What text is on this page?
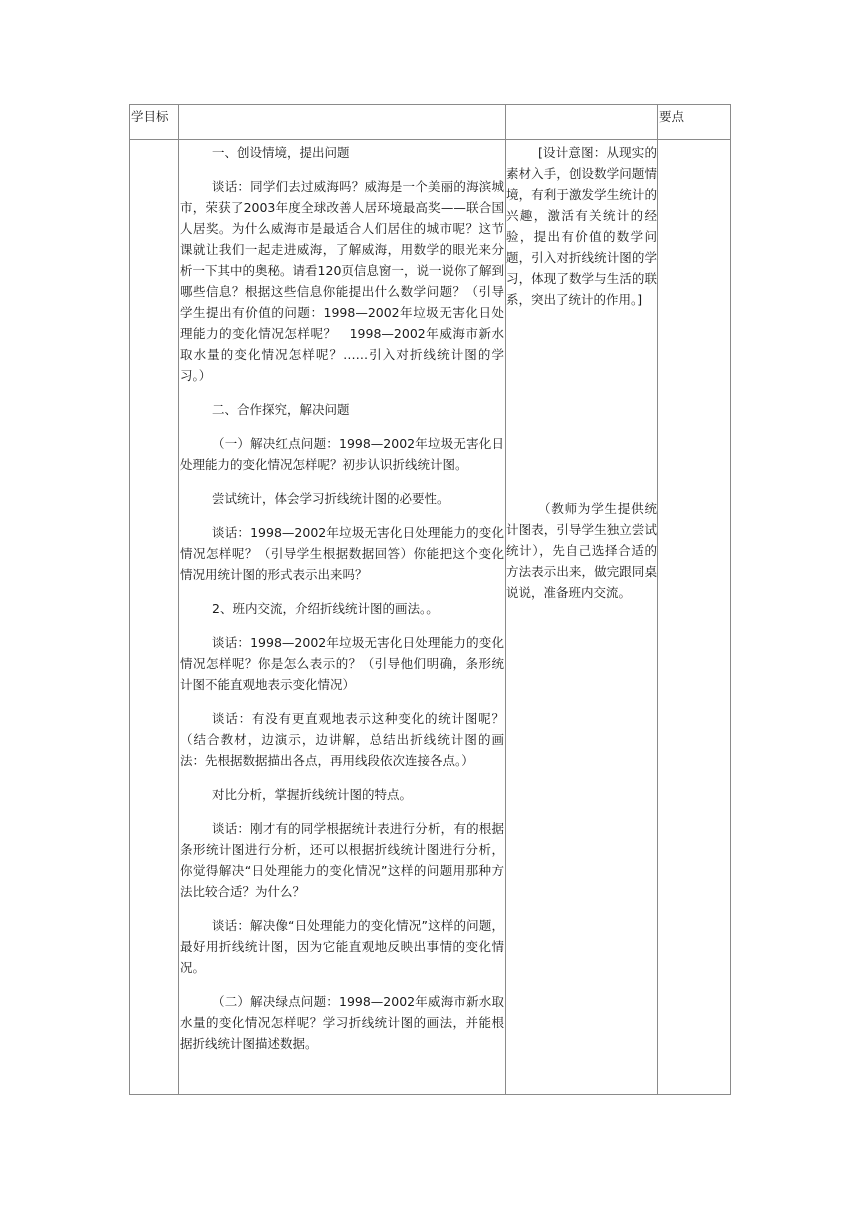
学目标	要点

一、创设情境，提出问题

谈话：同学们去过威海吗？威海是一个美丽的海滨城市，荣获了2003年度全球改善人居环境最高奖——联合国人居奖。为什么威海市是最适合人们居住的城市呢？这节课就让我们一起走进威海，了解威海，用数学的眼光来分析一下其中的奥秘。请看120页信息窗一，说一说你了解到哪些信息？根据这些信息你能提出什么数学问题？（引导学生提出有价值的问题：1998—2002年垃圾无害化日处理能力的变化情况怎样呢？　1998—2002年威海市新水取水量的变化情况怎样呢？……引入对折线统计图的学习。）

二、合作探究，解决问题

（一）解决红点问题：1998—2002年垃圾无害化日处理能力的变化情况怎样呢？初步认识折线统计图。

尝试统计，体会学习折线统计图的必要性。

谈话：1998—2002年垃圾无害化日处理能力的变化情况怎样呢？（引导学生根据数据回答）你能把这个变化情况用统计图的形式表示出来吗？

2、班内交流，介绍折线统计图的画法。。

谈话：1998—2002年垃圾无害化日处理能力的变化情况怎样呢？你是怎么表示的？（引导他们明确，条形统计图不能直观地表示变化情况）

谈话：有没有更直观地表示这种变化的统计图呢？（结合教材，边演示，边讲解，总结出折线统计图的画法：先根据数据描出各点，再用线段依次连接各点。）

对比分析，掌握折线统计图的特点。

谈话：刚才有的同学根据统计表进行分析，有的根据条形统计图进行分析，还可以根据折线统计图进行分析，你觉得解决“日处理能力的变化情况”这样的问题用那种方法比较合适？为什么？

谈话：解决像“日处理能力的变化情况”这样的问题，最好用折线统计图，因为它能直观地反映出事情的变化情况。

（二）解决绿点问题：1998—2002年威海市新水取水量的变化情况怎样呢？学习折线统计图的画法，并能根据折线统计图描述数据。

[设计意图：从现实的素材入手，创设数学问题情境，有利于激发学生统计的兴趣，激活有关统计的经验，提出有价值的数学问题，引入对折线统计图的学习，体现了数学与生活的联系，突出了统计的作用。]

（教师为学生提供统计图表，引导学生独立尝试统计），先自己选择合适的方法表示出来，做完跟同桌说说，准备班内交流。
